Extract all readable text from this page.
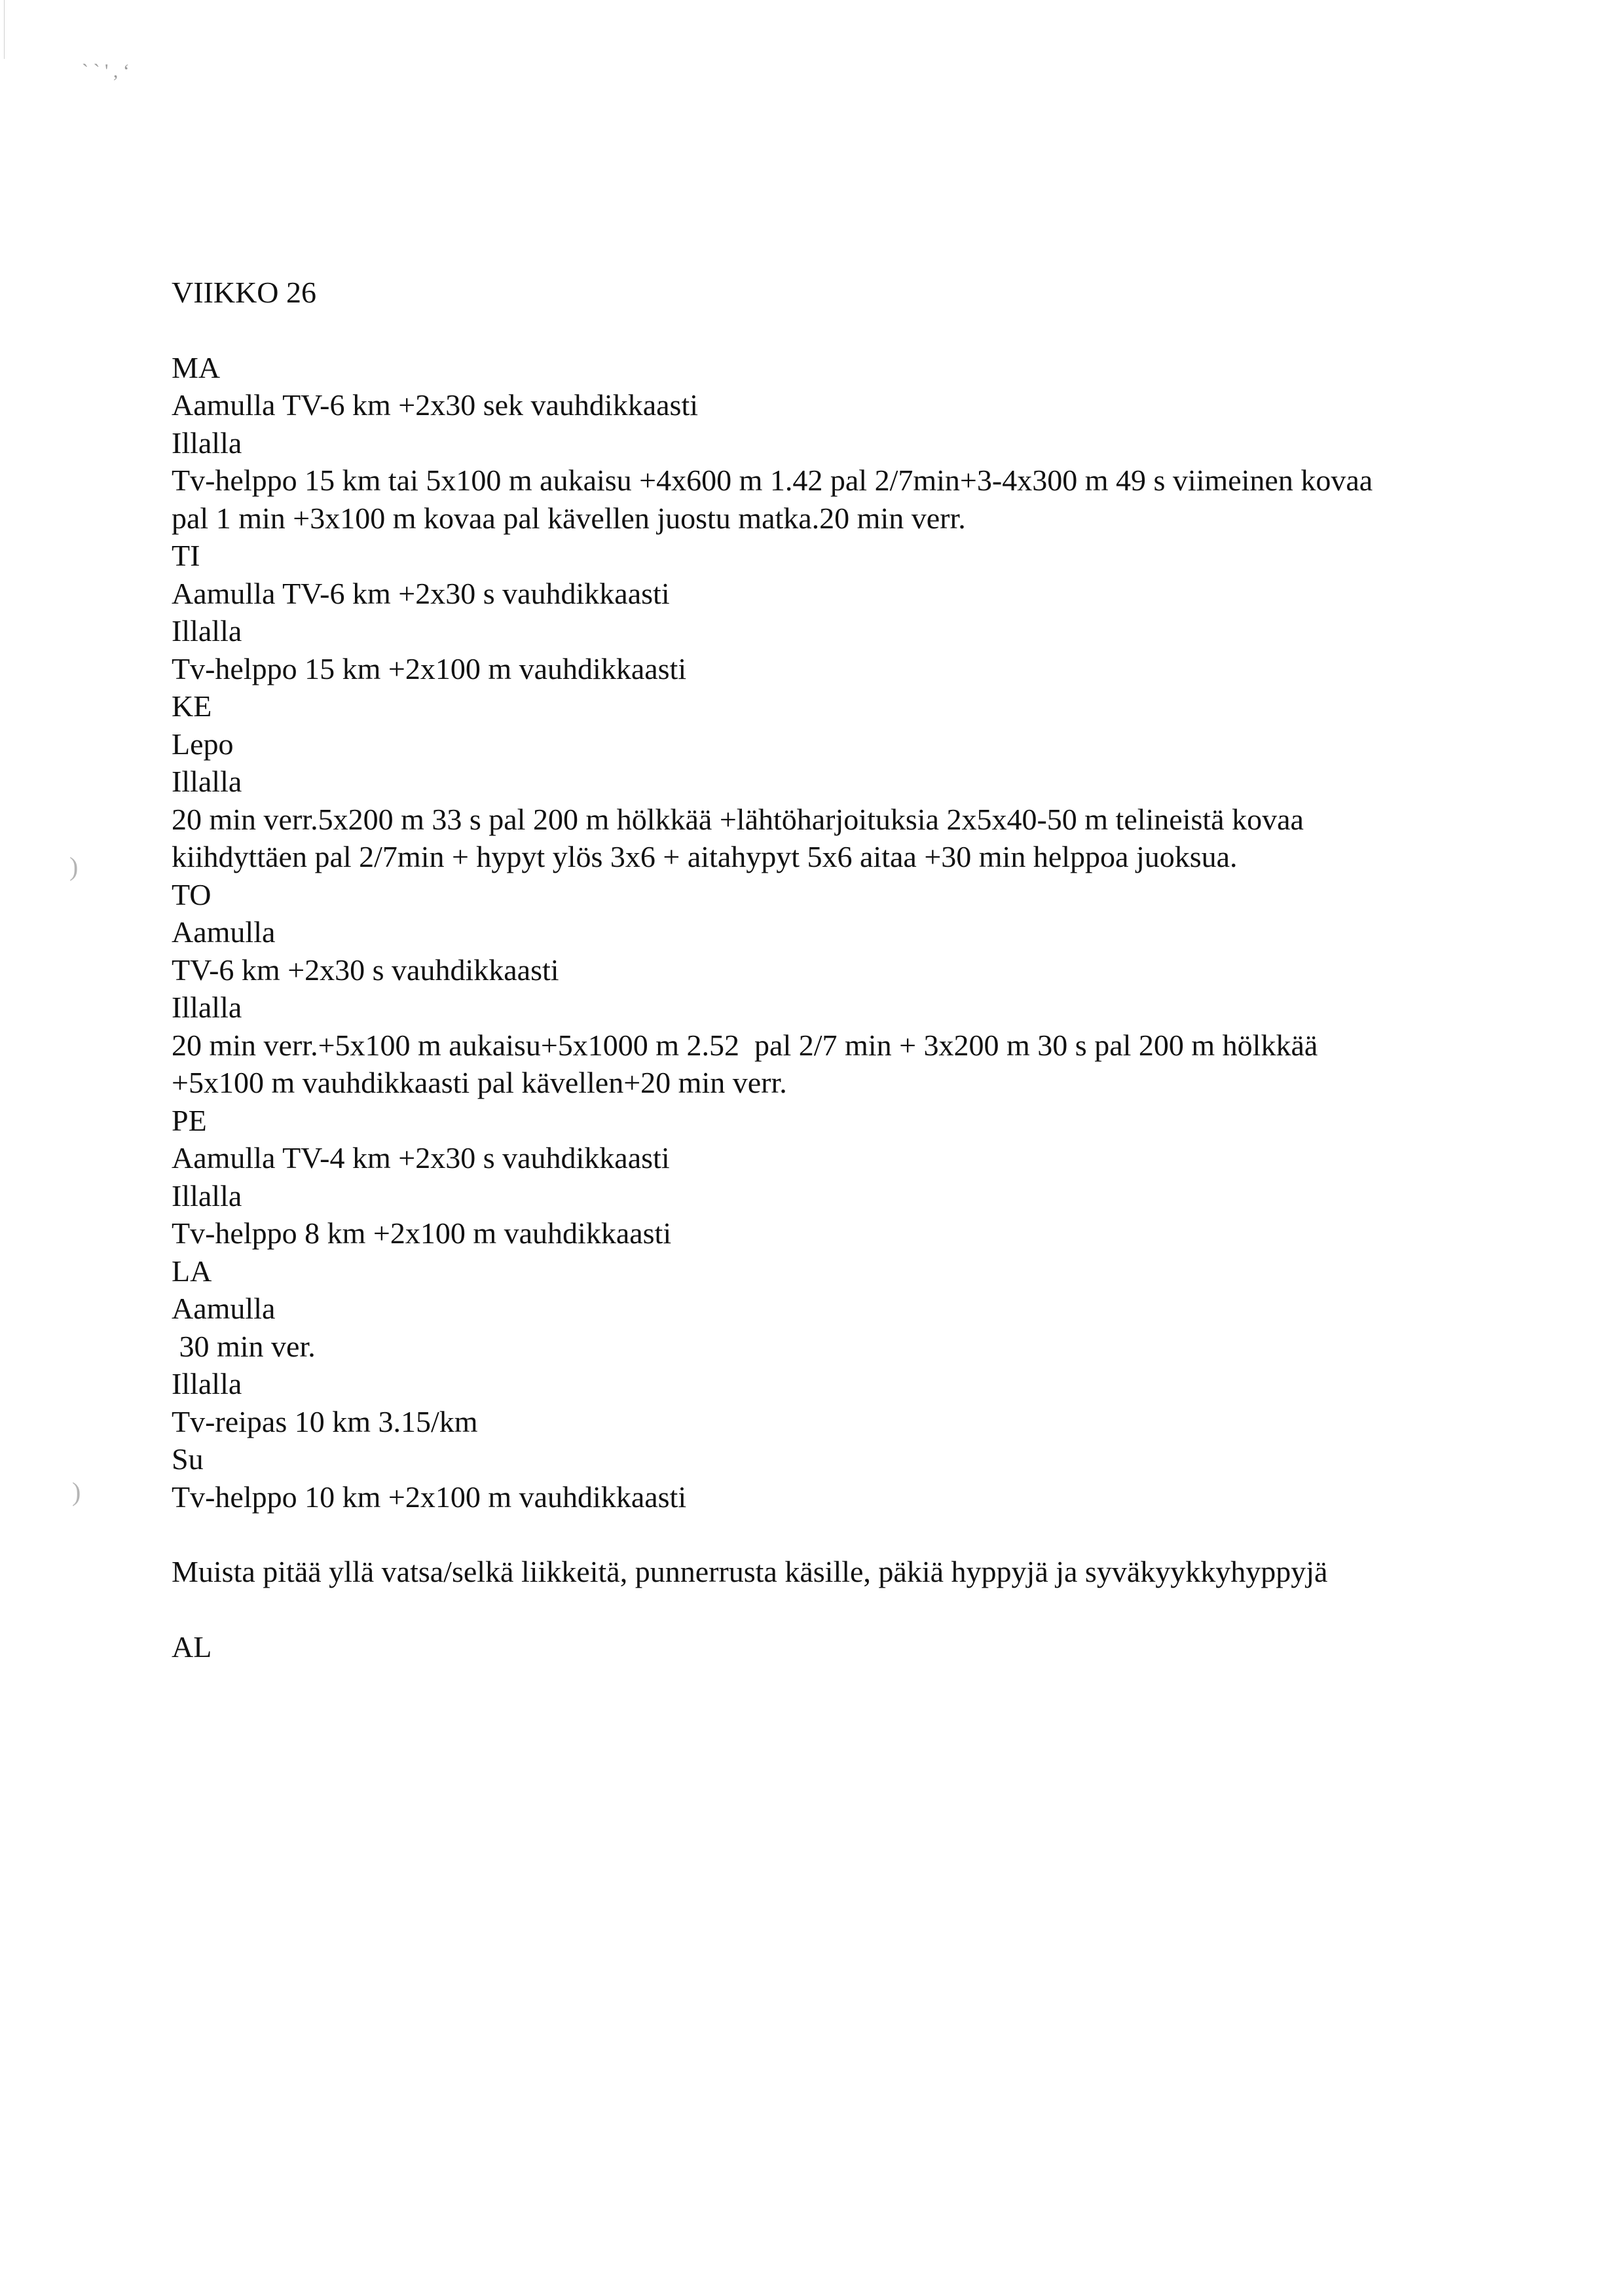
` ` ' , ‘
)
)
VIIKKO 26
MA
Aamulla TV-6 km +2x30 sek vauhdikkaasti
Illalla
Tv-helppo 15 km tai 5x100 m aukaisu +4x600 m 1.42 pal 2/7min+3-4x300 m 49 s viimeinen kovaa
pal 1 min +3x100 m kovaa pal kävellen juostu matka.20 min verr.
TI
Aamulla TV-6 km +2x30 s vauhdikkaasti
Illalla
Tv-helppo 15 km +2x100 m vauhdikkaasti
KE
Lepo
Illalla
20 min verr.5x200 m 33 s pal 200 m hölkkää +lähtöharjoituksia 2x5x40-50 m telineistä kovaa
kiihdyttäen pal 2/7min + hypyt ylös 3x6 + aitahypyt 5x6 aitaa +30 min helppoa juoksua.
TO
Aamulla
TV-6 km +2x30 s vauhdikkaasti
Illalla
20 min verr.+5x100 m aukaisu+5x1000 m 2.52  pal 2/7 min + 3x200 m 30 s pal 200 m hölkkää
+5x100 m vauhdikkaasti pal kävellen+20 min verr.
PE
Aamulla TV-4 km +2x30 s vauhdikkaasti
Illalla
Tv-helppo 8 km +2x100 m vauhdikkaasti
LA
Aamulla
30 min ver.
Illalla
Tv-reipas 10 km 3.15/km
Su
Tv-helppo 10 km +2x100 m vauhdikkaasti
Muista pitää yllä vatsa/selkä liikkeitä, punnerrusta käsille, päkiä hyppyjä ja syväkyykkyhyppyjä
AL
